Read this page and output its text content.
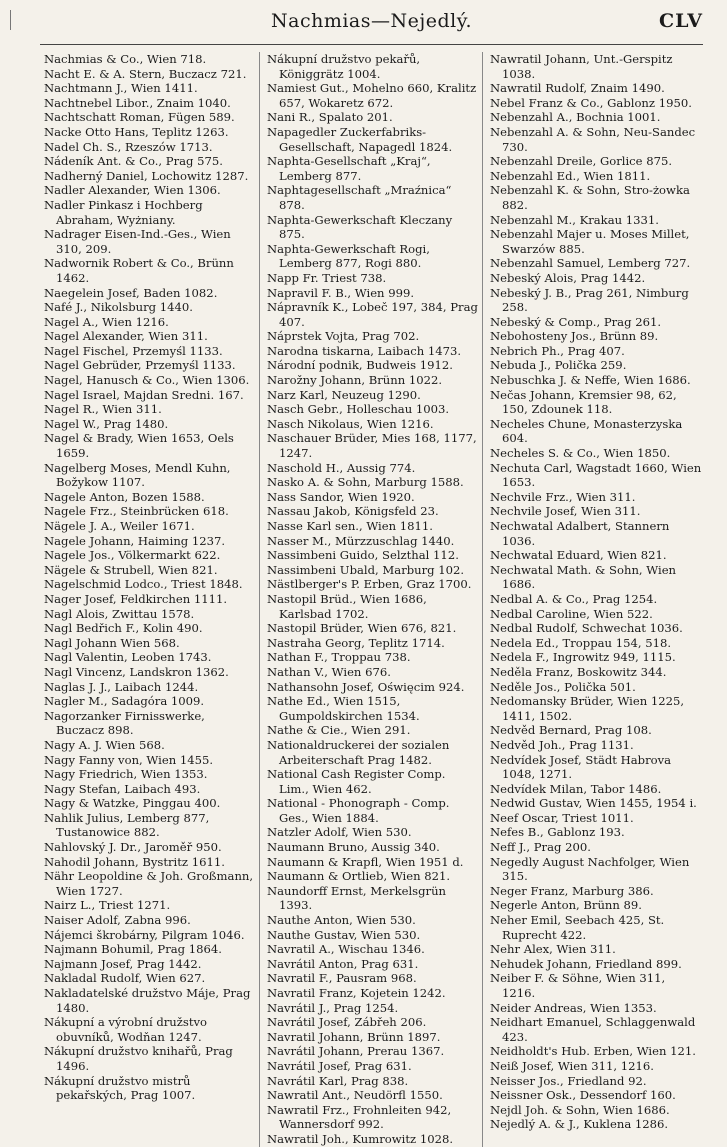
Nachmias—Nejedlý.	CLV
Nachmias & Co., Wien 718.
Nacht E. & A. Stern, Buczacz 721.
Nachtmann J., Wien 1411.
Nachtnebel Libor., Znaim 1040.
Nachtschatt Roman, Fügen 589.
Nacke Otto Hans, Teplitz 1263.
Nadel Ch. S., Rzeszów 1713.
Nádeník Ant. & Co., Prag 575.
Nadherný Daniel, Lochowitz 1287.
Nadler Alexander, Wien 1306.
Nadler Pinkasz i Hochberg Abraham, Wyżniany.
Nadrager Eisen-Ind.-Ges., Wien 310, 209.
Nadwornik Robert & Co., Brünn 1462.
Naegelein Josef, Baden 1082.
Nafé J., Nikolsburg 1440.
Nagel A., Wien 1216.
Nagel Alexander, Wien 311.
Nagel Fischel, Przemyśl 1133.
Nagel Gebrüder, Przemyśl 1133.
Nagel, Hanusch & Co., Wien 1306.
Nagel Israel, Majdan Sredni. 167.
Nagel R., Wien 311.
Nagel W., Prag 1480.
Nagel & Brady, Wien 1653, Oels 1659.
Nagelberg Moses, Mendl Kuhn, Božykow 1107.
Nagele Anton, Bozen 1588.
Nagele Frz., Steinbrücken 618.
Nägele J. A., Weiler 1671.
Nagele Johann, Haiming 1237.
Nagele Jos., Völkermarkt 622.
Nägele & Strubell, Wien 821.
Nagelschmid Lodco., Triest 1848.
Nager Josef, Feldkirchen 1111.
Nagl Alois, Zwittau 1578.
Nagl Bedřich F., Kolin 490.
Nagl Johann Wien 568.
Nagl Valentin, Leoben 1743.
Nagl Vincenz, Landskron 1362.
Naglas J. J., Laibach 1244.
Nagler M., Sadagóra 1009.
Nagorzanker Firnisswerke, Buczacz 898.
Nagy A. J. Wien 568.
Nagy Fanny von, Wien 1455.
Nagy Friedrich, Wien 1353.
Nagy Stefan, Laibach 493.
Nagy & Watzke, Pinggau 400.
Nahlik Julius, Lemberg 877, Tustanowice 882.
Nahlovský J. Dr., Jaroměř 950.
Nahodil Johann, Bystritz 1611.
Nähr Leopoldine & Joh. Großmann, Wien 1727.
Nairz L., Triest 1271.
Naiser Adolf, Zabna 996.
Nájemci škrobárny, Pilgram 1046.
Najmann Bohumil, Prag 1864.
Najmann Josef, Prag 1442.
Nakladal Rudolf, Wien 627.
Nakladatelské družstvo Máje, Prag 1480.
Nákupní a výrobní družstvo obuvníků, Wodňan 1247.
Nákupní družstvo knihařů, Prag 1496.
Nákupní družstvo mistrů pekařských, Prag 1007.
Nákupní družstvo pekařů, Königgrätz 1004.
Namiest Gut., Mohelno 660, Kralitz 657, Wokaretz 672.
Nani R., Spalato 201.
Napagedler Zuckerfabriks-Gesellschaft, Napagedl 1824.
Naphta-Gesellschaft „Kraj“, Lemberg 877.
Naphtagesellschaft „Mraźnica“ 878.
Naphta-Gewerkschaft Kleczany 875.
Naphta-Gewerkschaft Rogi, Lemberg 877, Rogi 880.
Napp Fr. Triest 738.
Napravil F. B., Wien 999.
Nápravník K., Lobeč 197, 384, Prag 407.
Náprstek Vojta, Prag 702.
Narodna tiskarna, Laibach 1473.
Národní podnik, Budweis 1912.
Narožny Johann, Brünn 1022.
Narz Karl, Neuzeug 1290.
Nasch Gebr., Holleschau 1003.
Nasch Nikolaus, Wien 1216.
Naschauer Brüder, Mies 168, 1177, 1247.
Naschold H., Aussig 774.
Nasko A. & Sohn, Marburg 1588.
Nass Sandor, Wien 1920.
Nassau Jakob, Königsfeld 23.
Nasse Karl sen., Wien 1811.
Nasser M., Mürzzuschlag 1440.
Nassimbeni Guido, Selzthal 112.
Nassimbeni Ubald, Marburg 102.
Nästlberger's P. Erben, Graz 1700.
Nastopil Brüd., Wien 1686, Karlsbad 1702.
Nastopil Brüder, Wien 676, 821.
Nastraha Georg, Teplitz 1714.
Nathan F., Troppau 738.
Nathan V., Wien 676.
Nathansohn Josef, Oświęcim 924.
Nathe Ed., Wien 1515, Gumpoldskirchen 1534.
Nathe & Cie., Wien 291.
Nationaldruckerei der sozialen Arbeiterschaft Prag 1482.
National Cash Register Comp. Lim., Wien 462.
National - Phonograph - Comp. Ges., Wien 1884.
Natzler Adolf, Wien 530.
Naumann Bruno, Aussig 340.
Naumann & Krapfl, Wien 1951 d.
Naumann & Ortlieb, Wien 821.
Naundorff Ernst, Merkelsgrün 1393.
Nauthe Anton, Wien 530.
Nauthe Gustav, Wien 530.
Navratil A., Wischau 1346.
Navrátil Anton, Prag 631.
Navratil F., Pausram 968.
Navratil Franz, Kojetein 1242.
Navrátil J., Prag 1254.
Navrátil Josef, Zábřeh 206.
Navratil Johann, Brünn 1897.
Navrátil Johann, Prerau 1367.
Navrátil Josef, Prag 631.
Navrátil Karl, Prag 838.
Nawratil Ant., Neudörfl 1550.
Nawratil Frz., Frohnleiten 942, Wannersdorf 992.
Nawratil Joh., Kumrowitz 1028.
Nawratil Johann, Unt.-Gerspitz 1038.
Nawratil Rudolf, Znaim 1490.
Nebel Franz & Co., Gablonz 1950.
Nebenzahl A., Bochnia 1001.
Nebenzahl A. & Sohn, Neu-Sandec 730.
Nebenzahl Dreile, Gorlice 875.
Nebenzahl Ed., Wien 1811.
Nebenzahl K. & Sohn, Stro-żowka 882.
Nebenzahl M., Krakau 1331.
Nebenzahl Majer u. Moses Millet, Swarzów 885.
Nebenzahl Samuel, Lemberg 727.
Nebeský Alois, Prag 1442.
Nebeský J. B., Prag 261, Nimburg 258.
Nebeský & Comp., Prag 261.
Nebohosteny Jos., Brünn 89.
Nebrich Ph., Prag 407.
Nebuda J., Polička 259.
Nebuschka J. & Neffe, Wien 1686.
Nečas Johann, Kremsier 98, 62, 150, Zdounek 118.
Necheles Chune, Monasterzyska 604.
Necheles S. & Co., Wien 1850.
Nechuta Carl, Wagstadt 1660, Wien 1653.
Nechvile Frz., Wien 311.
Nechvile Josef, Wien 311.
Nechwatal Adalbert, Stannern 1036.
Nechwatal Eduard, Wien 821.
Nechwatal Math. & Sohn, Wien 1686.
Nedbal A. & Co., Prag 1254.
Nedbal Caroline, Wien 522.
Nedbal Rudolf, Schwechat 1036.
Nedela Ed., Troppau 154, 518.
Nedela F., Ingrowitz 949, 1115.
Neděla Franz, Boskowitz 344.
Neděle Jos., Polička 501.
Nedomansky Brüder, Wien 1225, 1411, 1502.
Nedvěd Bernard, Prag 108.
Nedvěd Joh., Prag 1131.
Nedvídek Josef, Städt Habrova 1048, 1271.
Nedvídek Milan, Tabor 1486.
Nedwid Gustav, Wien 1455, 1954 i.
Neef Oscar, Triest 1011.
Nefes B., Gablonz 193.
Neff J., Prag 200.
Negedly August Nachfolger, Wien 315.
Neger Franz, Marburg 386.
Negerle Anton, Brünn 89.
Neher Emil, Seebach 425, St. Ruprecht 422.
Nehr Alex, Wien 311.
Nehudek Johann, Friedland 899.
Neiber F. & Söhne, Wien 311, 1216.
Neider Andreas, Wien 1353.
Neidhart Emanuel, Schlaggenwald 423.
Neidholdt's Hub. Erben, Wien 121.
Neiß Josef, Wien 311, 1216.
Neisser Jos., Friedland 92.
Neissner Osk., Dessendorf 160.
Nejdl Joh. & Sohn, Wien 1686.
Nejedlý A. & J., Kuklena 1286.
